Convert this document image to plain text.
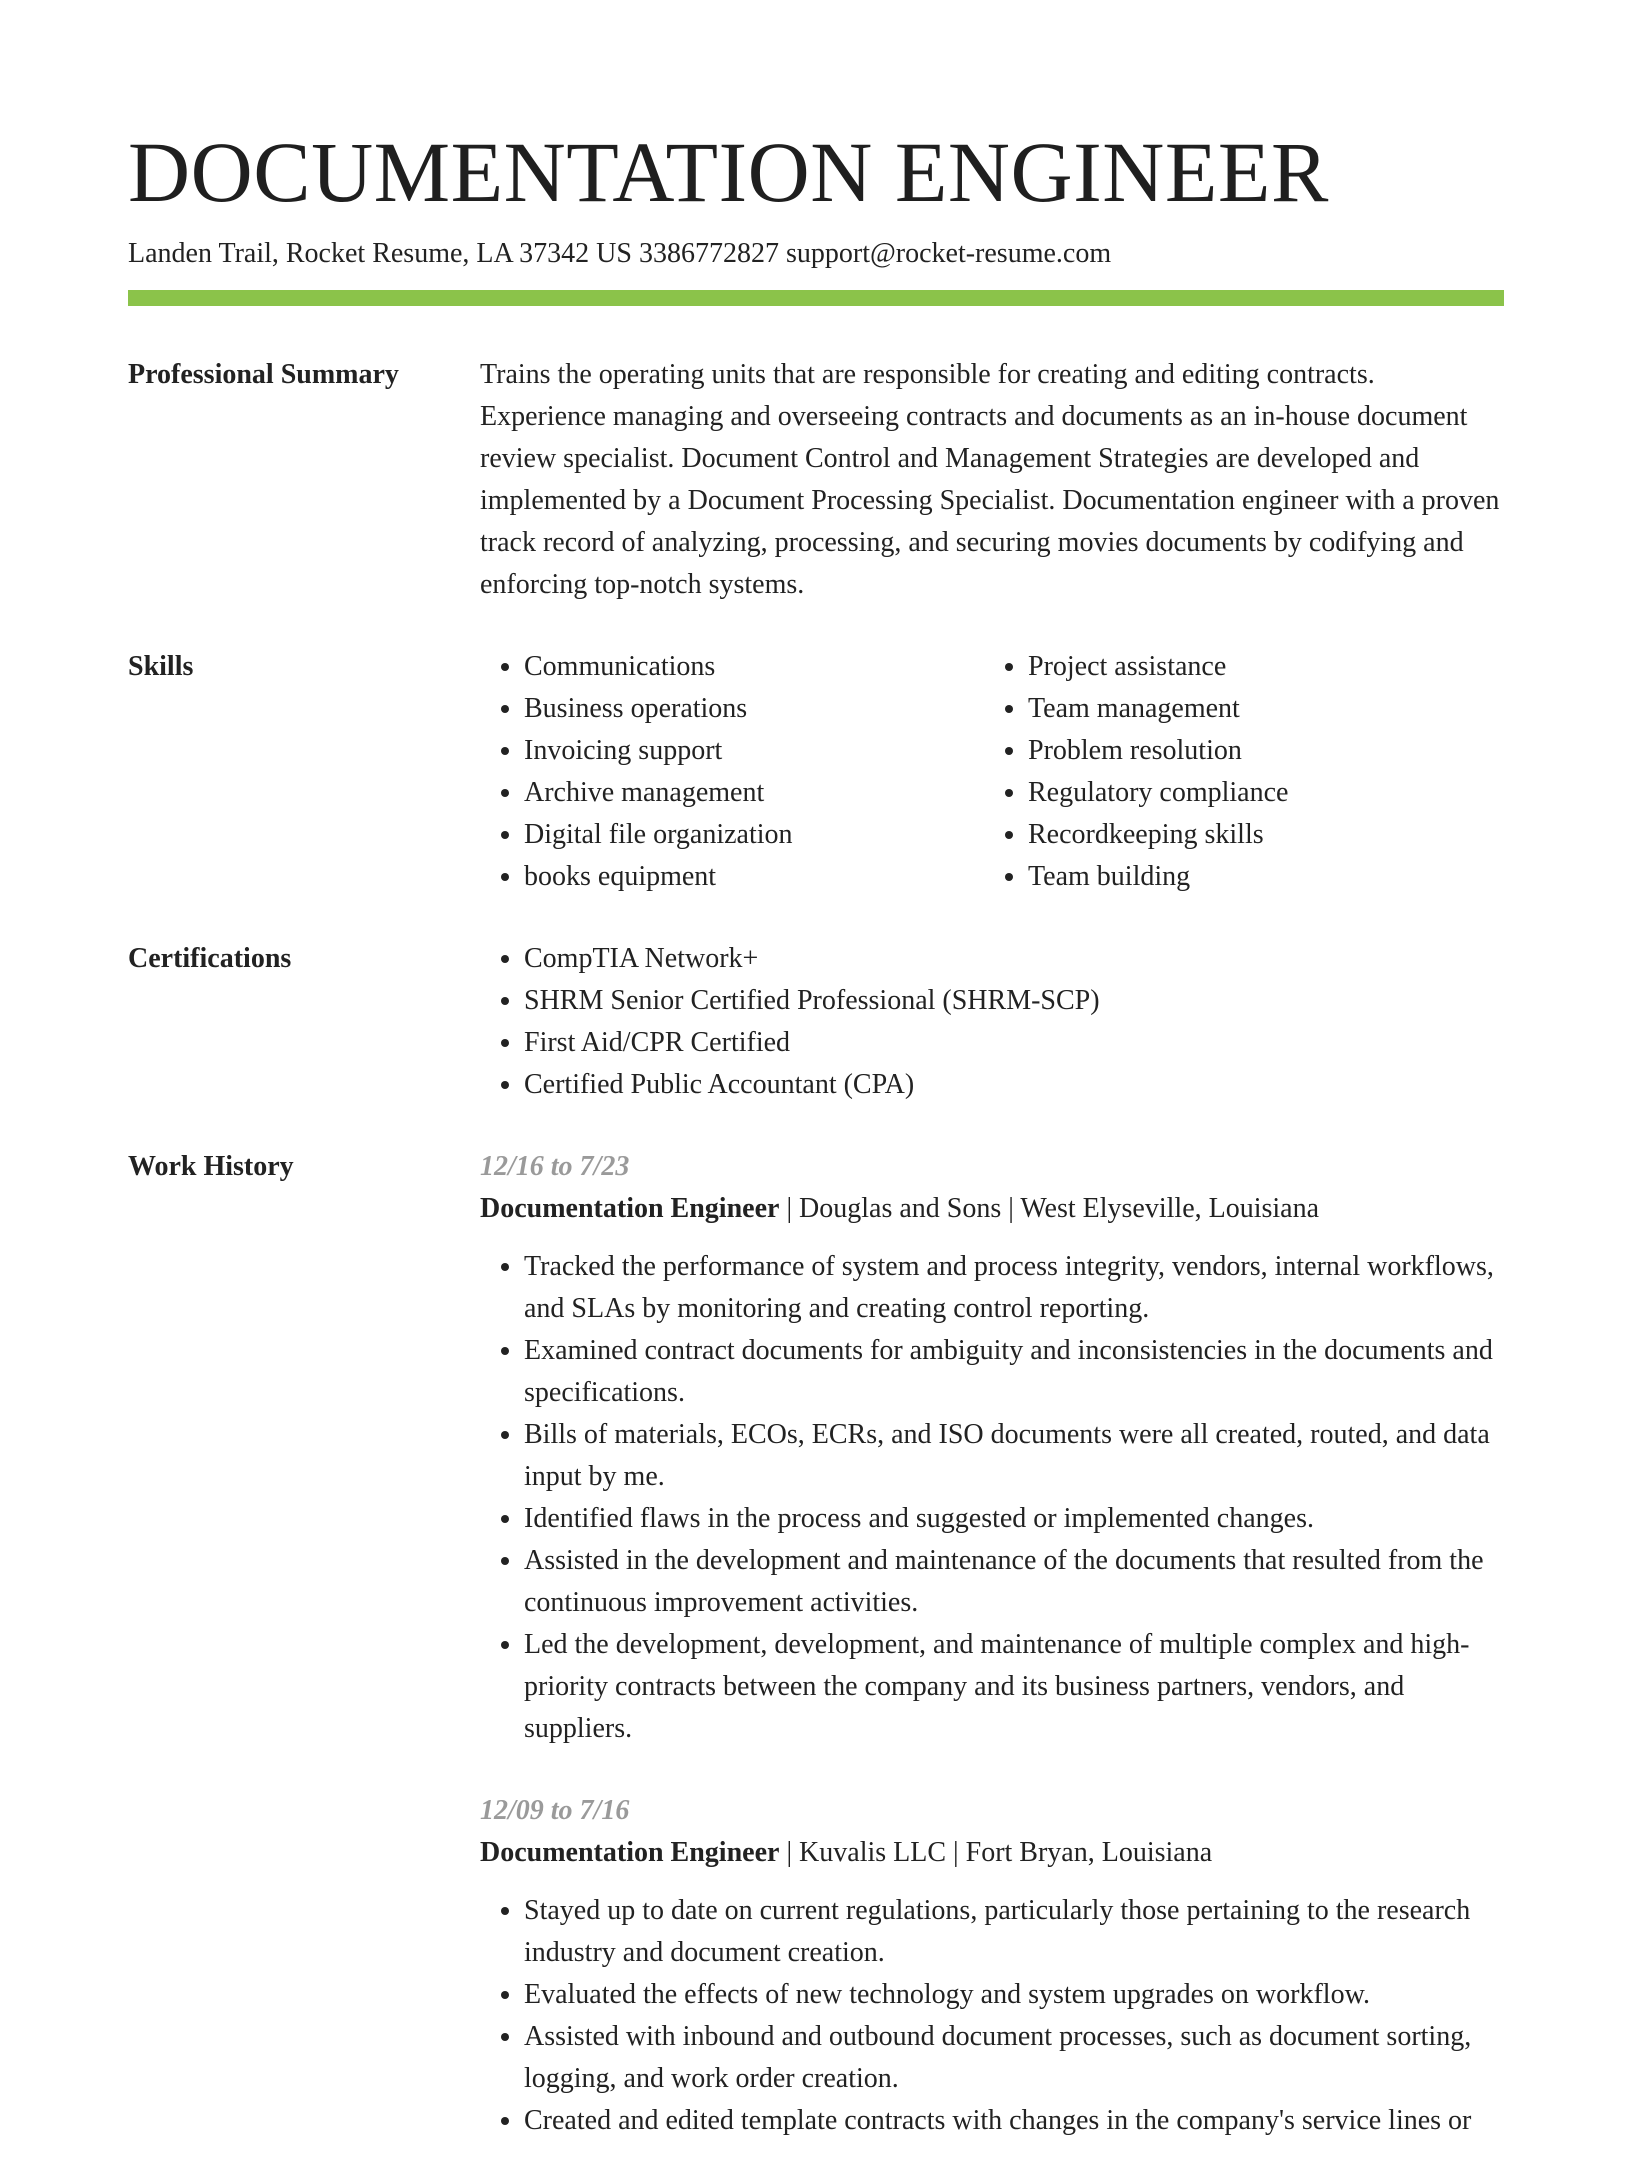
DOCUMENTATION ENGINEER
Landen Trail, Rocket Resume, LA 37342 US 3386772827 support@rocket-resume.com
Professional Summary	Trains the operating units that are responsible for creating and editing contracts. Experience managing and overseeing contracts and documents as an in-house document review specialist. Document Control and Management Strategies are developed and implemented by a Document Processing Specialist. Documentation engineer with a proven track record of analyzing, processing, and securing movies documents by codifying and enforcing top-notch systems.

Skills	• Communications
• Business operations
• Invoicing support
• Archive management
• Digital file organization
• books equipment
• Project assistance
• Team management
• Problem resolution
• Regulatory compliance
• Recordkeeping skills
• Team building
Certifications	• CompTIA Network+
• SHRM Senior Certified Professional (SHRM-SCP)
• First Aid/CPR Certified
• Certified Public Accountant (CPA)
Work History	12/16 to 7/23
Documentation Engineer | Douglas and Sons | West Elyseville, Louisiana
• Tracked the performance of system and process integrity, vendors, internal workflows, and SLAs by monitoring and creating control reporting.
• Examined contract documents for ambiguity and inconsistencies in the documents and specifications.
• Bills of materials, ECOs, ECRs, and ISO documents were all created, routed, and data input by me.
• Identified flaws in the process and suggested or implemented changes.
• Assisted in the development and maintenance of the documents that resulted from the continuous improvement activities.
• Led the development, development, and maintenance of multiple complex and high-priority contracts between the company and its business partners, vendors, and suppliers.
12/09 to 7/16
Documentation Engineer | Kuvalis LLC | Fort Bryan, Louisiana
• Stayed up to date on current regulations, particularly those pertaining to the research industry and document creation.
• Evaluated the effects of new technology and system upgrades on workflow.
• Assisted with inbound and outbound document processes, such as document sorting, logging, and work order creation.
• Created and edited template contracts with changes in the company's service lines or
